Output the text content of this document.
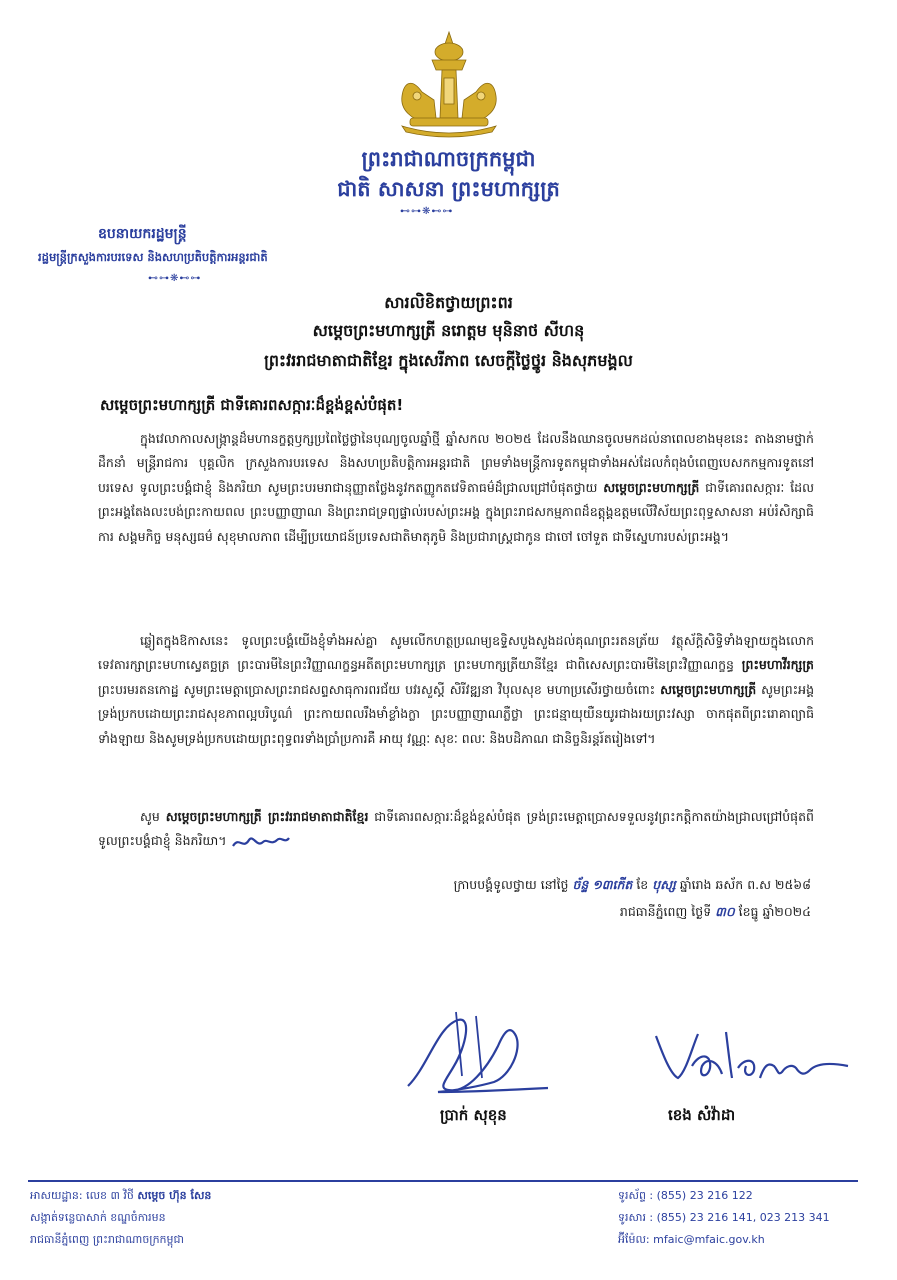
ព្រះរាជាណាចក្រកម្ពុជា
ជាតិ សាសនា ព្រះមហាក្សត្រ
⊷⊶❋⊷⊶
ឧបនាយករដ្ឋមន្ត្រី
រដ្ឋមន្ត្រីក្រសួងការបរទេស និងសហប្រតិបត្តិការអន្តរជាតិ
⊷⊶❋⊷⊶
សារលិខិតថ្វាយព្រះពរ
សម្តេចព្រះមហាក្សត្រី នរោត្តម មុនិនាថ សីហនុ
ព្រះវររាជមាតាជាតិខ្មែរ ក្នុងសេរីភាព សេចក្តីថ្លៃថ្នូរ និងសុភមង្គល
សម្តេចព្រះមហាក្សត្រី ជាទីគោរពសក្ការៈដ៏ខ្ពង់ខ្ពស់បំផុត!
ក្នុងវេលាកាលសង្ក្រាន្តដ៏មហានក្ខត្តឫក្សប្រពៃថ្លៃថ្លានៃបុណ្យចូលឆ្នាំថ្មី ឆ្នាំសកល ២០២៥ ដែលនឹងឈានចូលមកដល់នាពេលខាងមុខនេះ តាងនាមថ្នាក់ដឹកនាំ មន្ត្រីរាជការ បុគ្គលិក ក្រសួងការបរទេស និងសហប្រតិបត្តិការអន្តរជាតិ ព្រមទាំងមន្ត្រីការទូតកម្ពុជាទាំងអស់ដែលកំពុងបំពេញបេសកកម្មការទូតនៅបរទេស ទូលព្រះបង្គំជាខ្ញុំ និងភរិយា សូមព្រះបរមរាជានុញ្ញាតថ្លែងនូវកតញ្ញូកតវេទិតាធម៌ដ៏ជ្រាលជ្រៅបំផុតថ្វាយ សម្តេចព្រះមហាក្សត្រី ជាទីគោរពសក្ការៈ ដែលព្រះអង្គតែងលះបង់ព្រះកាយពល ព្រះបញ្ញាញាណ និងព្រះរាជទ្រព្យផ្ទាល់របស់ព្រះអង្គ ក្នុងព្រះរាជសកម្មភាពដ៏ឧត្តុង្គឧត្តមលើវិស័យព្រះពុទ្ធសាសនា អប់រំសិក្សាធិការ សង្គមកិច្ច មនុស្សធម៌ សុខុមាលភាព ដើម្បីប្រយោជន៍ប្រទេសជាតិមាតុភូមិ និងប្រជារាស្ត្រជាកូន ជាចៅ ចៅទួត ជាទីស្នេហារបស់ព្រះអង្គ។
ឆ្លៀតក្នុងឱកាសនេះ ទូលព្រះបង្គំយើងខ្ញុំទាំងអស់គ្នា សូមលើកហត្ថប្រណម្យឧទ្ទិសបួងសួងដល់គុណព្រះរតនត្រ័យ វត្ថុស័ក្តិសិទ្ធិទាំងឡាយក្នុងលោក ទេវតារក្សាព្រះមហាស្វេតច្ឆត្រ ព្រះបារមីនៃព្រះវិញ្ញាណក្ខន្ធអតីតព្រះមហាក្សត្រ ព្រះមហាក្សត្រីយានីខ្មែរ ជាពិសេសព្រះបារមីនៃព្រះវិញ្ញាណក្ខន្ធ ព្រះមហាវីរក្សត្រ ព្រះបរមរតនកោដ្ឋ សូមព្រះមេត្តាប្រោសព្រះរាជសព្ទសាធុការពរជ័យ បវរសួស្តី សិរីវឌ្ឍនា វិបុលសុខ មហាប្រសើរថ្វាយចំពោះ សម្តេចព្រះមហាក្សត្រី សូមព្រះអង្គទ្រង់ប្រកបដោយព្រះរាជសុខភាពល្អបរិបូណ៌ ព្រះកាយពលរឹងមាំខ្លាំងក្លា ព្រះបញ្ញាញាណភ្លឺថ្លា ព្រះជន្មាយុយឺនយូរជាងរយព្រះវស្សា ចាកផុតពីព្រះរោគាព្យាធិទាំងឡាយ និងសូមទ្រង់ប្រកបដោយព្រះពុទ្ធពរទាំងប្រាំប្រការគឺ អាយុ វណ្ណៈ សុខៈ ពលៈ និងបដិភាណ ជានិច្ចនិរន្តរ៍តរៀងទៅ។
សូម សម្តេចព្រះមហាក្សត្រី ព្រះវររាជមាតាជាតិខ្មែរ ជាទីគោរពសក្ការៈដ៏ខ្ពង់ខ្ពស់បំផុត ទ្រង់ព្រះមេត្តាប្រោសទទួលនូវព្រះកត្តិកាតយ៉ាងជ្រាលជ្រៅបំផុតពីទូលព្រះបង្គំជាខ្ញុំ និងភរិយា។
ក្រាបបង្គំទូលថ្វាយ នៅថ្ងៃ ច័ន្ទ ១៣កើត ខែ បុស្ស ឆ្នាំរោង ឆស័ក ព.ស ២៥៦៨
រាជធានីភ្នំពេញ ថ្ងៃទី ៣០ ខែធ្នូ ឆ្នាំ២០២៤
ប្រាក់ សុខុន	ខេង សំវ៉ាដា
អាសយដ្ឋាន: លេខ ៣ វិថី សម្តេច ហ៊ុន សែន
សង្កាត់ទន្លេបាសាក់ ខណ្ឌចំការមន
រាជធានីភ្នំពេញ ព្រះរាជាណាចក្រកម្ពុជា
ទូរស័ព្ទ : (855) 23 216 122
ទូរសារ : (855) 23 216 141, 023 213 341
អ៊ីម៉ែល: mfaic@mfaic.gov.kh
